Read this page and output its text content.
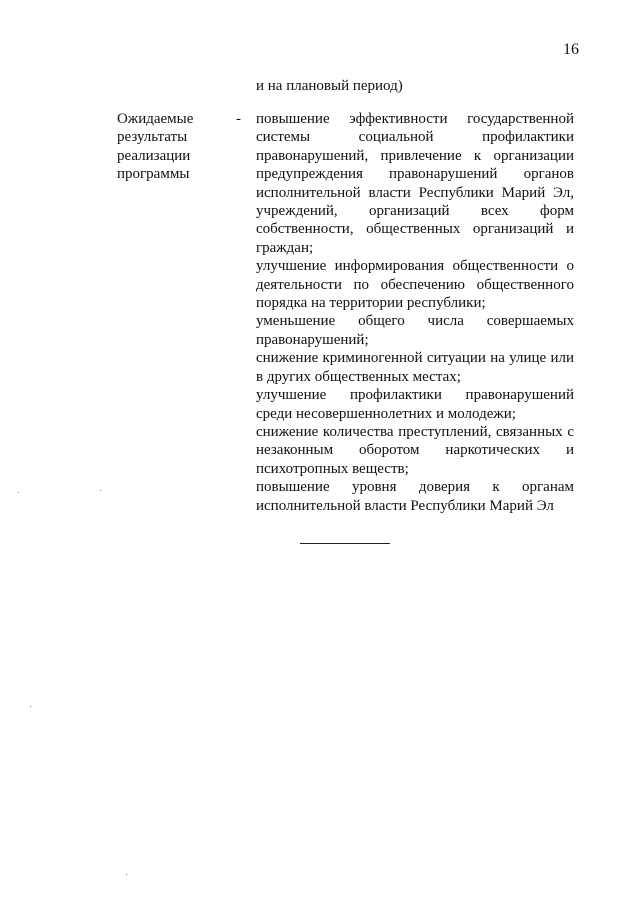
16
и на плановый период)
Ожидаемые
результаты
реализации
программы
- повышение эффективности государственной системы социальной профилактики правонарушений, привлечение к организации предупреждения правонарушений органов исполнительной власти Республики Марий Эл, учреждений, организаций всех форм собственности, общественных организаций и граждан;

улучшение информирования общественности о деятельности по обеспечению общественного порядка на территории республики;

уменьшение общего числа совершаемых правонарушений;

снижение криминогенной ситуации на улице или в других общественных местах;

улучшение профилактики правонарушений среди несовершеннолетних и молодежи;

снижение количества преступлений, связанных с незаконным оборотом наркотических и психотропных веществ;

повышение уровня доверия к органам исполнительной власти Республики Марий Эл
